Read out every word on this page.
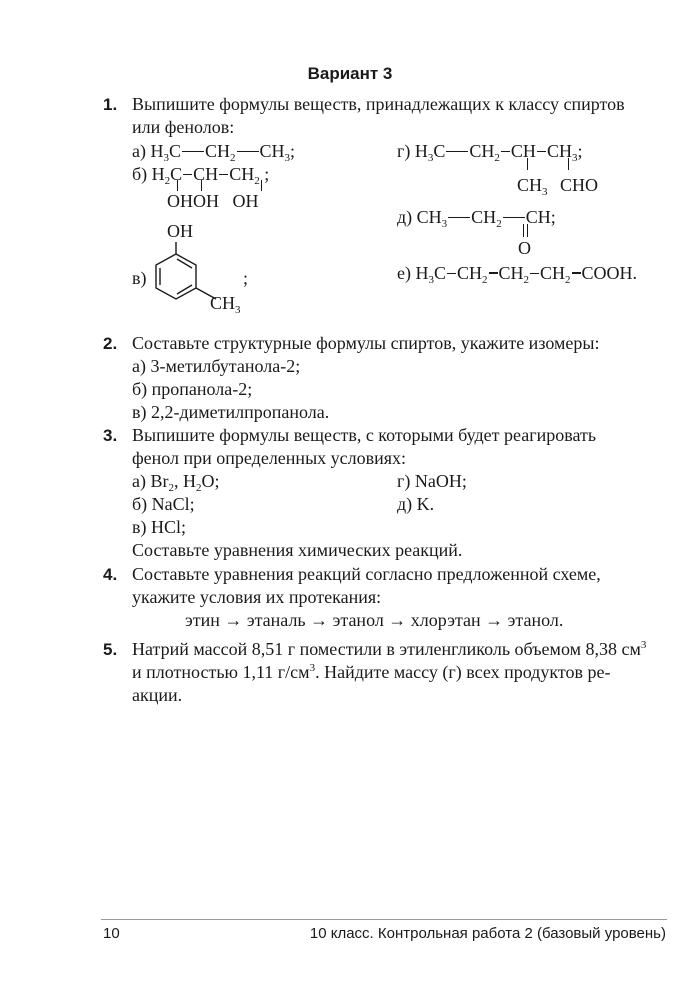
Вариант 3
1. Выпишите формулы веществ, принадлежащих к классу спиртов
или фенолов:
а) $H_3C$ $CH_2$ $CH_3$;
б) $H_2C$ CH $CH_2$ ;
OHOH   OH
в)
OH
$CH_3$
;
г) $H_3C$ $CH_2$ CH $CH_3$;
$CH_3$ CHO
д) $CH_3$ $CH_2$ CH;
O
е) $H_3C$ $CH_2$ $CH_2$ $CH_2$ COOH.
2. Составьте структурные формулы спиртов, укажите изомеры:
а) 3-метилбутанола-2;
б) пропанола-2;
в) 2,2-диметилпропанола.
3. Выпишите формулы веществ, с которыми будет реагировать
фенол при определенных условиях:
а) $Br_2$, $H_2O$;	г) NaOH;
б) NaCl;	д) K.
в) HCl;
Составьте уравнения химических реакций.
4. Составьте уравнения реакций согласно предложенной схеме,
укажите условия их протекания:
этин → этаналь → этанол → хлорэтан → этанол.
5. Натрий массой 8,51 г поместили в этиленгликоль объемом 8,38 $см^3$
и плотностью 1,11 $г/см^3$. Найдите массу (г) всех продуктов ре-
акции.
10	10 класс. Контрольная работа 2 (базовый уровень)
